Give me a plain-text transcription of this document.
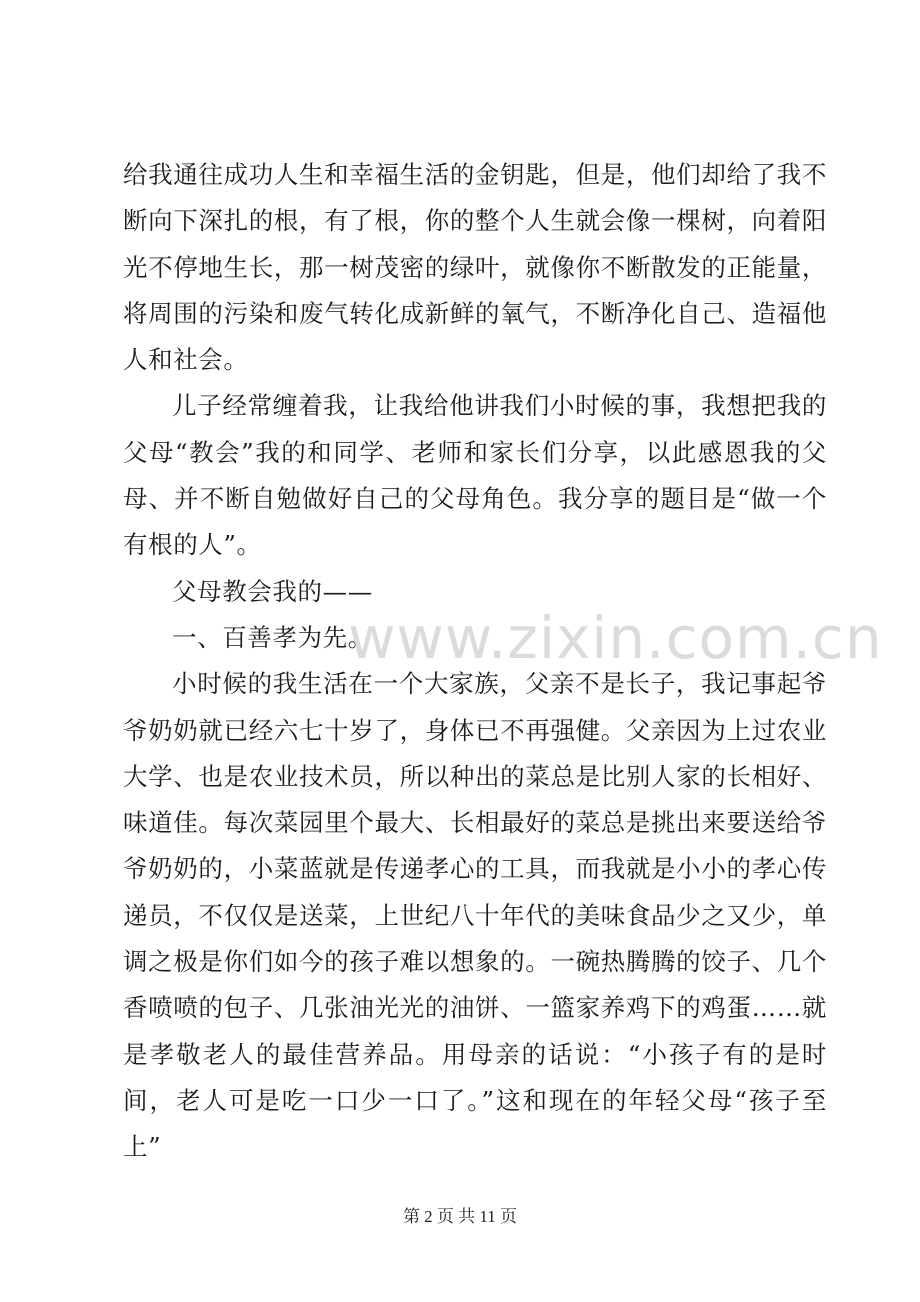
给我通往成功人生和幸福生活的金钥匙，但是，他们却给了我不断向下深扎的根，有了根，你的整个人生就会像一棵树，向着阳光不停地生长，那一树茂密的绿叶，就像你不断散发的正能量，将周围的污染和废气转化成新鲜的氧气，不断净化自己、造福他人和社会。

儿子经常缠着我，让我给他讲我们小时候的事，我想把我的父母“教会”我的和同学、老师和家长们分享，以此感恩我的父母、并不断自勉做好自己的父母角色。我分享的题目是“做一个有根的人”。

父母教会我的——

一、百善孝为先。

小时候的我生活在一个大家族，父亲不是长子，我记事起爷爷奶奶就已经六七十岁了，身体已不再强健。父亲因为上过农业大学、也是农业技术员，所以种出的菜总是比别人家的长相好、味道佳。每次菜园里个最大、长相最好的菜总是挑出来要送给爷爷奶奶的，小菜蓝就是传递孝心的工具，而我就是小小的孝心传递员，不仅仅是送菜，上世纪八十年代的美味食品少之又少，单调之极是你们如今的孩子难以想象的。一碗热腾腾的饺子、几个香喷喷的包子、几张油光光的油饼、一篮家养鸡下的鸡蛋……就是孝敬老人的最佳营养品。用母亲的话说：“小孩子有的是时间，老人可是吃一口少一口了。”这和现在的年轻父母“孩子至上”

www.zixin.com.cn
第 2 页 共 11 页
